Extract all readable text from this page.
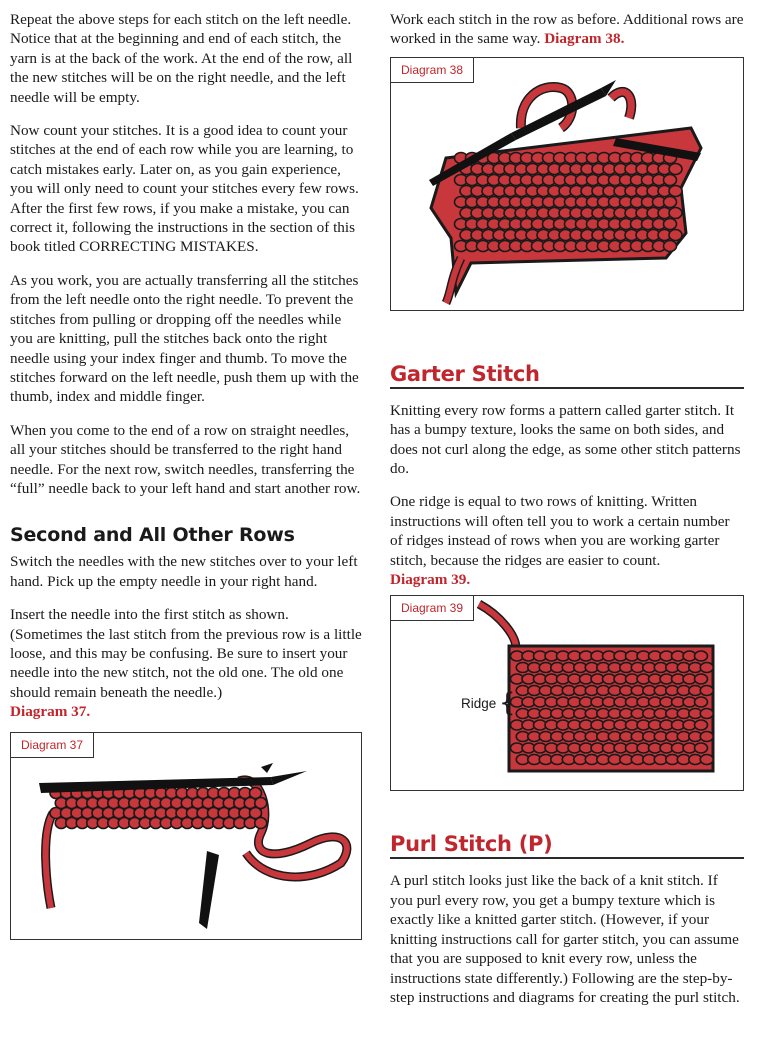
Repeat the above steps for each stitch on the left needle. Notice that at the beginning and end of each stitch, the yarn is at the back of the work. At the end of the row, all the new stitches will be on the right needle, and the left needle will be empty.

Now count your stitches. It is a good idea to count your stitches at the end of each row while you are learning, to catch mistakes early. Later on, as you gain experience, you will only need to count your stitches every few rows. After the first few rows, if you make a mistake, you can correct it, following the instructions in the section of this book titled CORRECTING MISTAKES.

As you work, you are actually transferring all the stitches from the left needle onto the right needle. To prevent the stitches from pulling or dropping off the needles while you are knitting, pull the stitches back onto the right needle using your index finger and thumb. To move the stitches forward on the left needle, push them up with the thumb, index and middle finger.

When you come to the end of a row on straight needles, all your stitches should be transferred to the right hand needle. For the next row, switch needles, transferring the “full” needle back to your left hand and start another row.

Second and All Other Rows

Switch the needles with the new stitches over to your left hand. Pick up the empty needle in your right hand.

Insert the needle into the first stitch as shown. (Sometimes the last stitch from the previous row is a little loose, and this may be confusing. Be sure to insert your needle into the new stitch, not the old one. The old one should remain beneath the needle.)
Diagram 37.

Diagram 37

Work each stitch in the row as before. Additional rows are worked in the same way. Diagram 38.

Diagram 38
Garter Stitch

Knitting every row forms a pattern called garter stitch. It has a bumpy texture, looks the same on both sides, and does not curl along the edge, as some other stitch patterns do.

One ridge is equal to two rows of knitting. Written instructions will often tell you to work a certain number of ridges instead of rows when you are working garter stitch, because the ridges are easier to count.
Diagram 39.

Diagram 39
Ridge {
Purl Stitch (P)

A purl stitch looks just like the back of a knit stitch. If you purl every row, you get a bumpy texture which is exactly like a knitted garter stitch. (However, if your knitting instructions call for garter stitch, you can assume that you are supposed to knit every row, unless the instructions state differently.) Following are the step-by-step instructions and diagrams for creating the purl stitch.
